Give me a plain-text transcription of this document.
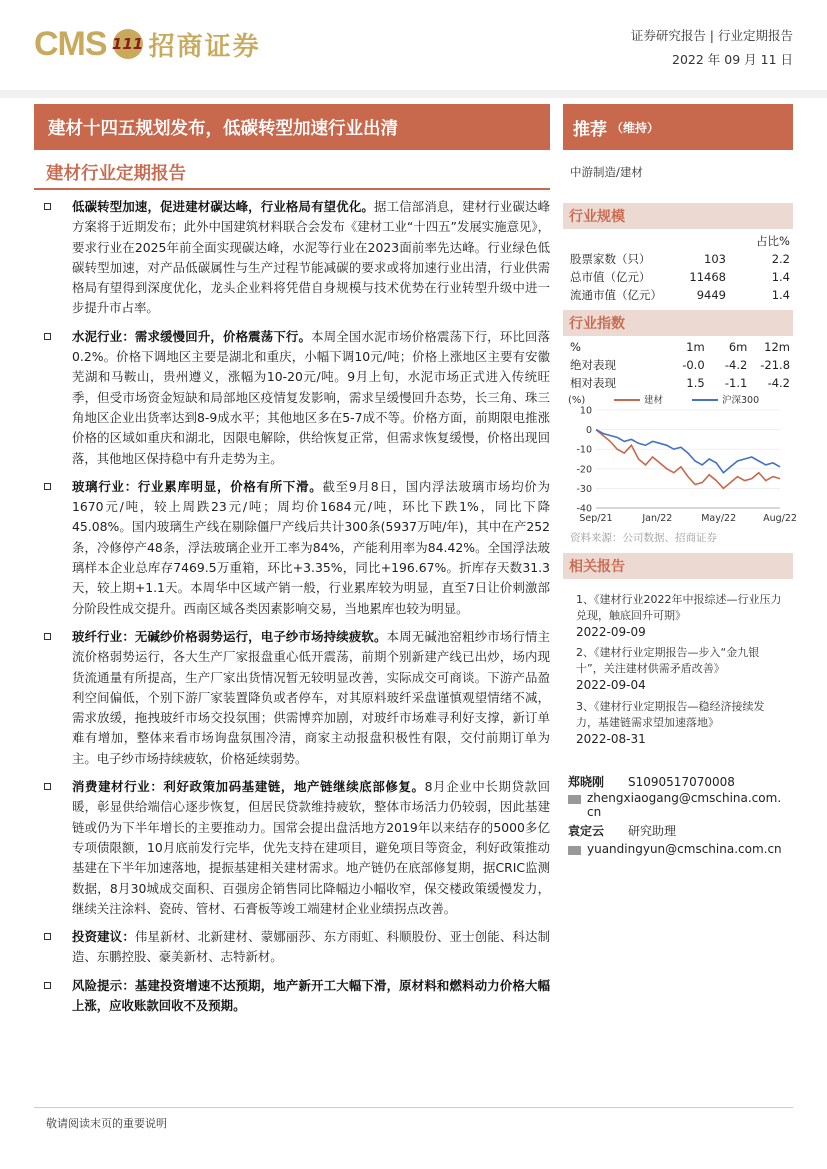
CMS 111 招商证券	证券研究报告 | 行业定期报告
2022 年 09 月 11 日
建材十四五规划发布，低碳转型加速行业出清	推荐 （维持）
建材行业定期报告	中游制造/建材
低碳转型加速，促进建材碳达峰，行业格局有望优化。据工信部消息，建材行业碳达峰方案将于近期发布；此外中国建筑材料联合会发布《建材工业“十四五”发展实施意见》，要求行业在2025年前全面实现碳达峰，水泥等行业在2023面前率先达峰。行业绿色低碳转型加速，对产品低碳属性与生产过程节能减碳的要求或将加速行业出清，行业供需格局有望得到深度优化，龙头企业料将凭借自身规模与技术优势在行业转型升级中进一步提升市占率。
水泥行业：需求缓慢回升，价格震荡下行。本周全国水泥市场价格震荡下行，环比回落0.2%。价格下调地区主要是湖北和重庆，小幅下调10元/吨；价格上涨地区主要有安徽芜湖和马鞍山，贵州遵义，涨幅为10-20元/吨。9月上旬，水泥市场正式进入传统旺季，但受市场资金短缺和局部地区疫情复发影响，需求呈缓慢回升态势，长三角、珠三角地区企业出货率达到8-9成水平；其他地区多在5-7成不等。价格方面，前期限电推涨价格的区域如重庆和湖北，因限电解除，供给恢复正常，但需求恢复缓慢，价格出现回落，其他地区保持稳中有升走势为主。
玻璃行业：行业累库明显，价格有所下滑。截至9月8日，国内浮法玻璃市场均价为1670元/吨，较上周跌23元/吨；周均价1684元/吨，环比下跌1%，同比下降45.08%。国内玻璃生产线在剔除僵尸产线后共计300条(5937万吨/年)，其中在产252条，冷修停产48条，浮法玻璃企业开工率为84%，产能利用率为84.42%。全国浮法玻璃样本企业总库存7469.5万重箱，环比+3.35%，同比+196.67%。折库存天数31.3天，较上期+1.1天。本周华中区域产销一般，行业累库较为明显，直至7日让价刺激部分阶段性成交提升。西南区域各类因素影响交易，当地累库也较为明显。
玻纤行业：无碱纱价格弱势运行，电子纱市场持续疲软。本周无碱池窑粗纱市场行情主流价格弱势运行，各大生产厂家报盘重心低开震荡，前期个别新建产线已出炒，场内现货流通量有所提高，生产厂家出货情况暂无较明显改善，实际成交可商谈。下游产品盈利空间偏低，个别下游厂家装置降负或者停车，对其原料玻纤采盘谨慎观望情绪不减，需求放缓，拖拽玻纤市场交投氛围；供需博弈加剧，对玻纤市场难寻利好支撑，新订单难有增加，整体来看市场询盘氛围冷清，商家主动报盘积极性有限，交付前期订单为主。电子纱市场持续疲软，价格延续弱势。
消费建材行业：利好政策加码基建链，地产链继续底部修复。8月企业中长期贷款回暖，彰显供给端信心逐步恢复，但居民贷款维持疲软，整体市场活力仍较弱，因此基建链或仍为下半年增长的主要推动力。国常会提出盘活地方2019年以来结存的5000多亿专项债限额，10月底前发行完毕，优先支持在建项目，避免项目等资金，利好政策推动基建在下半年加速落地，提振基建相关建材需求。地产链仍在底部修复期，据CRIC监测数据，8月30城成交面积、百强房企销售同比降幅边小幅收窄，保交楼政策缓慢发力，继续关注涂料、瓷砖、管材、石膏板等竣工端建材企业业绩拐点改善。
投资建议：伟星新材、北新建材、蒙娜丽莎、东方雨虹、科顺股份、亚士创能、科达制造、东鹏控股、豪美新材、志特新材。
风险提示：基建投资增速不达预期，地产新开工大幅下滑，原材料和燃料动力价格大幅上涨，应收账款回收不及预期。
行业规模
占比%
股票家数（只）	103	2.2
总市值（亿元）	11468	1.4
流通市值（亿元）	9449	1.4
行业指数
%	1m	6m	12m
绝对表现	-0.0	-4.2	-21.8
相对表现	1.5	-1.1	-4.2
(%)	建材	沪深300
10
0
-10
-20
-30
-40
Sep/21	Jan/22	May/22	Aug/22
资料来源：公司数据、招商证券
相关报告
1、《建材行业2022年中报综述—行业压力兑现，触底回升可期》
2022-09-09
2、《建材行业定期报告—步入“金九银十”，关注建材供需矛盾改善》
2022-09-04
3、《建材行业定期报告—稳经济接续发力，基建链需求望加速落地》
2022-08-31
郑晓刚 S1090517070008
zhengxiaogang@cmschina.com.cn
袁定云 研究助理
yuandingyun@cmschina.com.cn
敬请阅读末页的重要说明
